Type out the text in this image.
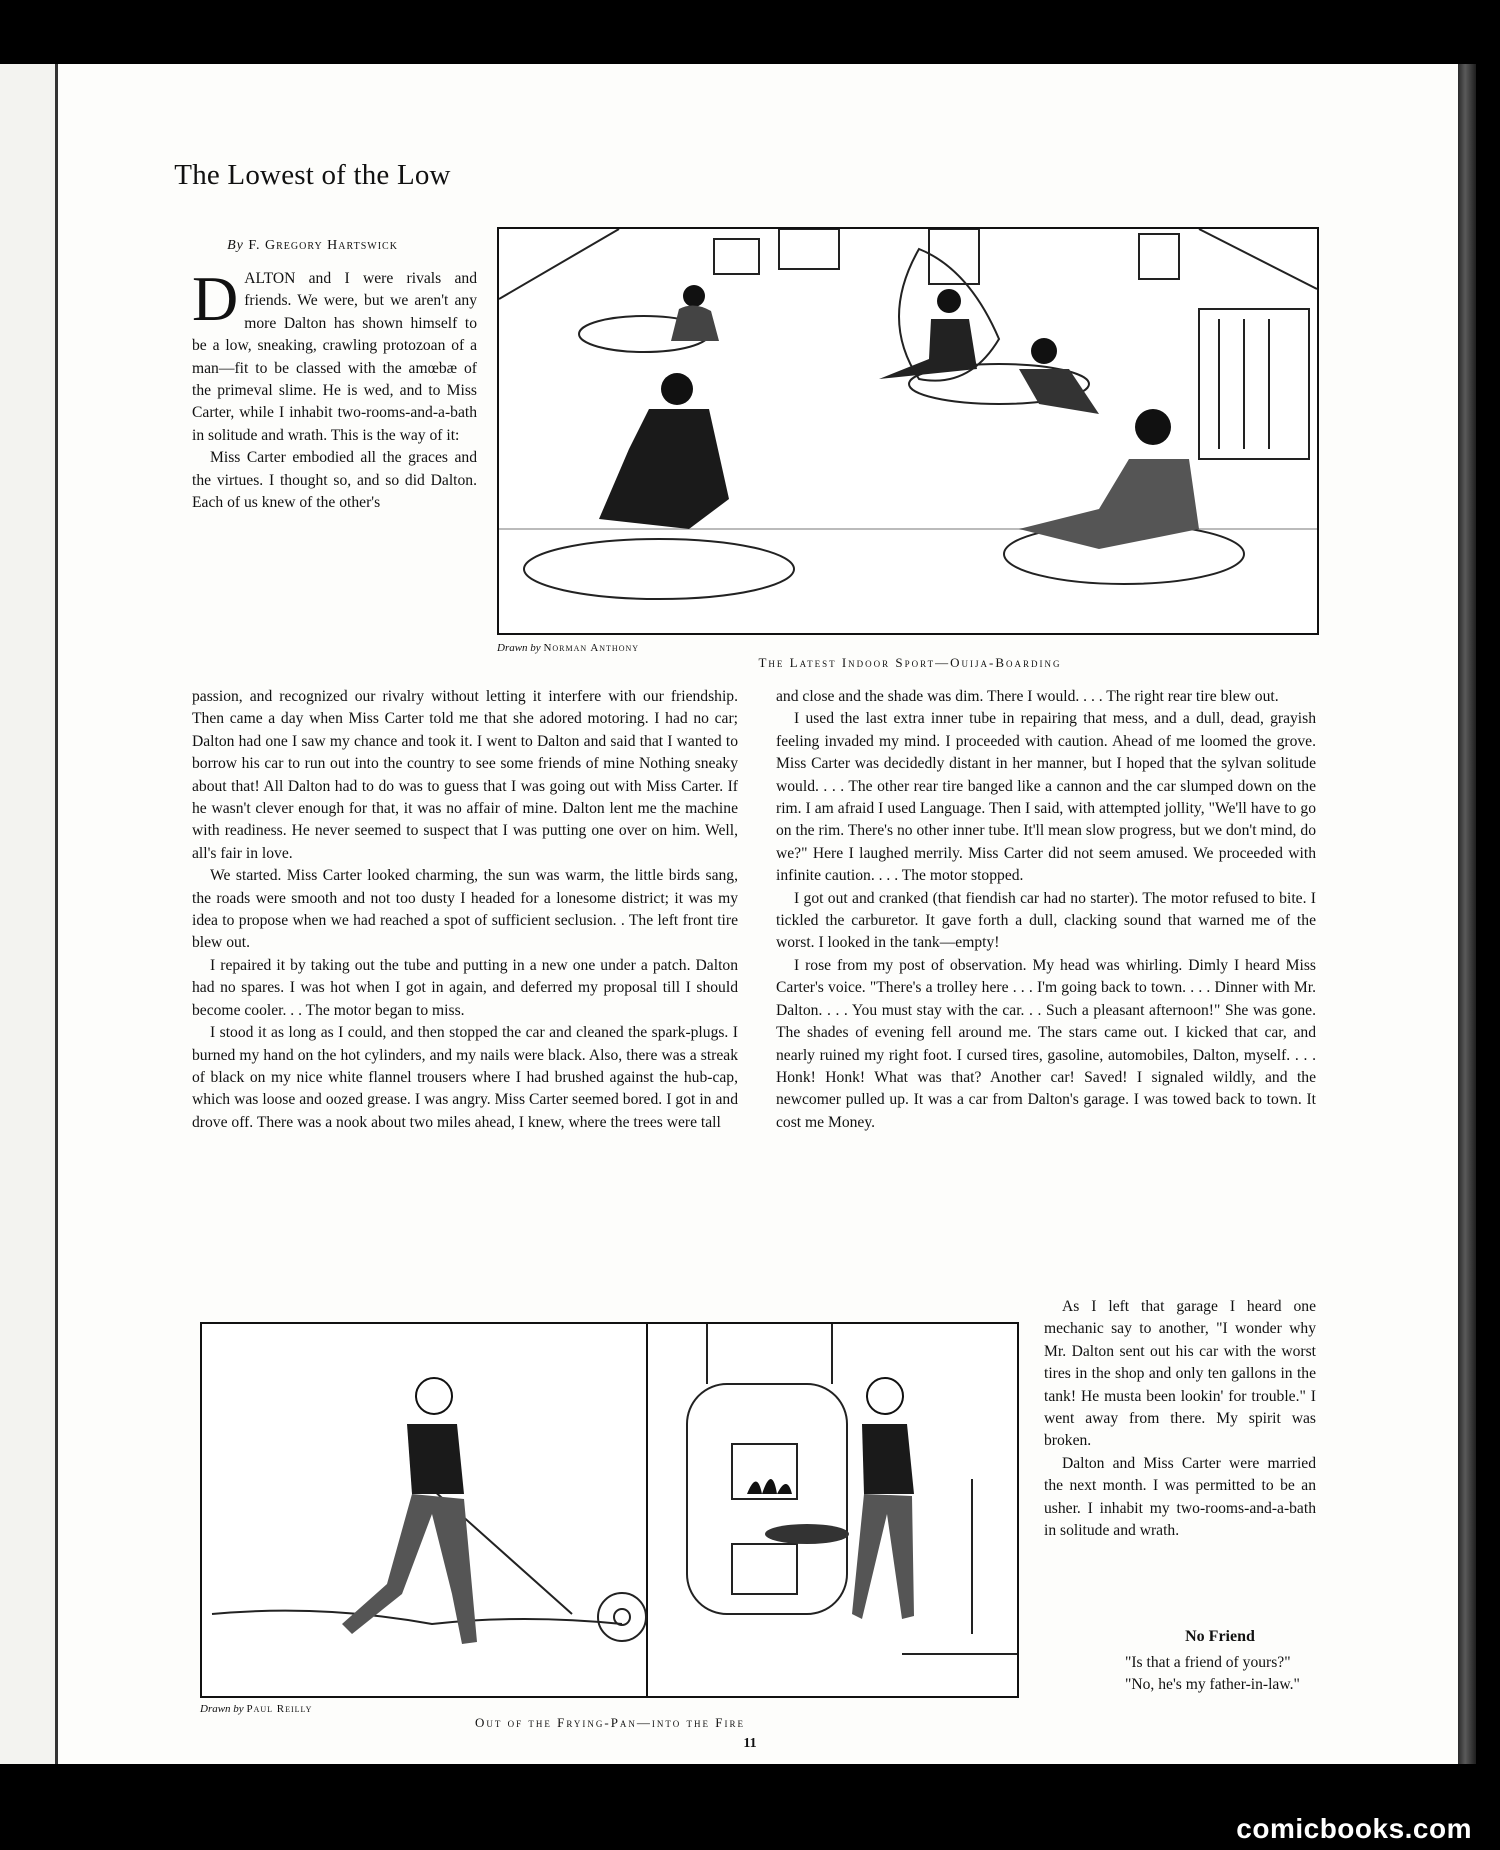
The Lowest of the Low
By F. Gregory Hartswick

DALTON and I were rivals and friends. We were, but we aren't any more Dalton has shown himself to be a low, sneaking, crawling protozoan of a man—fit to be classed with the amœbæ of the primeval slime. He is wed, and to Miss Carter, while I inhabit two-rooms-and-a-bath in solitude and wrath. This is the way of it:

Miss Carter embodied all the graces and the virtues. I thought so, and so did Dalton. Each of us knew of the other's

Drawn by Norman Anthony
The Latest Indoor Sport—Ouija-Boarding

passion, and recognized our rivalry without letting it interfere with our friendship. Then came a day when Miss Carter told me that she adored motoring. I had no car; Dalton had one I saw my chance and took it. I went to Dalton and said that I wanted to borrow his car to run out into the country to see some friends of mine Nothing sneaky about that! All Dalton had to do was to guess that I was going out with Miss Carter. If he wasn't clever enough for that, it was no affair of mine. Dalton lent me the machine with readiness. He never seemed to suspect that I was putting one over on him. Well, all's fair in love.

We started. Miss Carter looked charming, the sun was warm, the little birds sang, the roads were smooth and not too dusty I headed for a lonesome district; it was my idea to propose when we had reached a spot of sufficient seclusion. . The left front tire blew out.

I repaired it by taking out the tube and putting in a new one under a patch. Dalton had no spares. I was hot when I got in again, and deferred my proposal till I should become cooler. . . The motor began to miss.

I stood it as long as I could, and then stopped the car and cleaned the spark-plugs. I burned my hand on the hot cylinders, and my nails were black. Also, there was a streak of black on my nice white flannel trousers where I had brushed against the hub-cap, which was loose and oozed grease. I was angry. Miss Carter seemed bored. I got in and drove off. There was a nook about two miles ahead, I knew, where the trees were tall

and close and the shade was dim. There I would. . . . The right rear tire blew out.

I used the last extra inner tube in repairing that mess, and a dull, dead, grayish feeling invaded my mind. I proceeded with caution. Ahead of me loomed the grove. Miss Carter was decidedly distant in her manner, but I hoped that the sylvan solitude would. . . . The other rear tire banged like a cannon and the car slumped down on the rim. I am afraid I used Language. Then I said, with attempted jollity, "We'll have to go on the rim. There's no other inner tube. It'll mean slow progress, but we don't mind, do we?" Here I laughed merrily. Miss Carter did not seem amused. We proceeded with infinite caution. . . . The motor stopped.

I got out and cranked (that fiendish car had no starter). The motor refused to bite. I tickled the carburetor. It gave forth a dull, clacking sound that warned me of the worst. I looked in the tank—empty!

I rose from my post of observation. My head was whirling. Dimly I heard Miss Carter's voice. "There's a trolley here . . . I'm going back to town. . . . Dinner with Mr. Dalton. . . . You must stay with the car. . . Such a pleasant afternoon!" She was gone. The shades of evening fell around me. The stars came out. I kicked that car, and nearly ruined my right foot. I cursed tires, gasoline, automobiles, Dalton, myself. . . . Honk! Honk! What was that? Another car! Saved! I signaled wildly, and the newcomer pulled up. It was a car from Dalton's garage. I was towed back to town. It cost me Money.

As I left that garage I heard one mechanic say to another, "I wonder why Mr. Dalton sent out his car with the worst tires in the shop and only ten gallons in the tank! He musta been lookin' for trouble." I went away from there. My spirit was broken.

Dalton and Miss Carter were married the next month. I was permitted to be an usher. I inhabit my two-rooms-and-a-bath in solitude and wrath.

Drawn by Paul Reilly
Out of the Frying-Pan—into the Fire
No Friend
"Is that a friend of yours?"
"No, he's my father-in-law."
11
comicbooks.com
